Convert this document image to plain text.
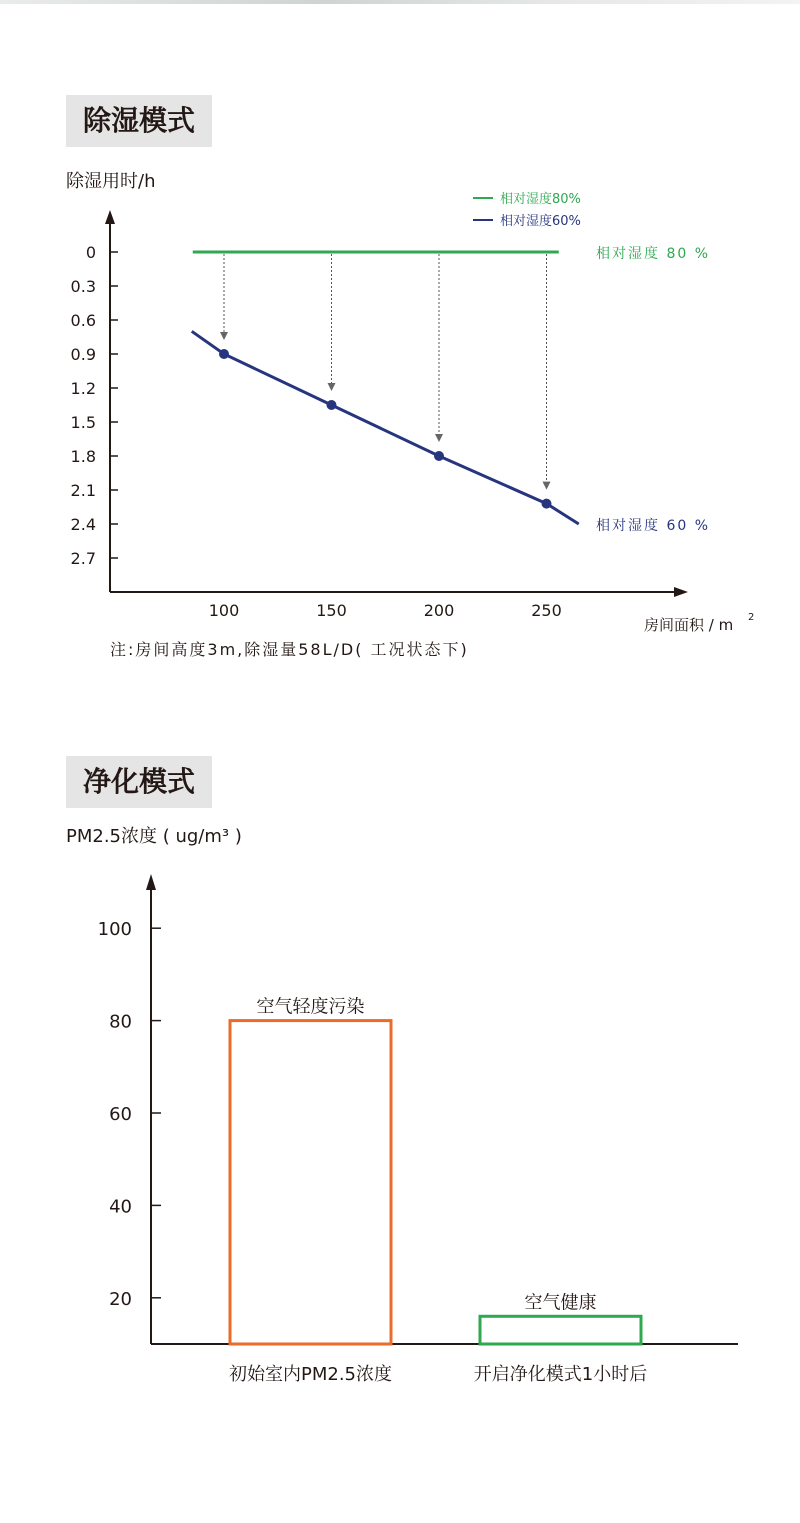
除湿模式
除湿用时/h
0
0.3
0.6
0.9
1.2
1.5
1.8
2.1
2.4
2.7
100	150	200	250
房间面积 / m 2
相对湿度 80 %
相对湿度 60 %
相对湿度80%
相对湿度60%
注:房间高度3m,除湿量58L/D( 工况状态下)
净化模式
PM2.5浓度 ( ug/m³ )
20
40
60
80
100
空气轻度污染
初始室内PM2.5浓度
空气健康
开启净化模式1小时后
